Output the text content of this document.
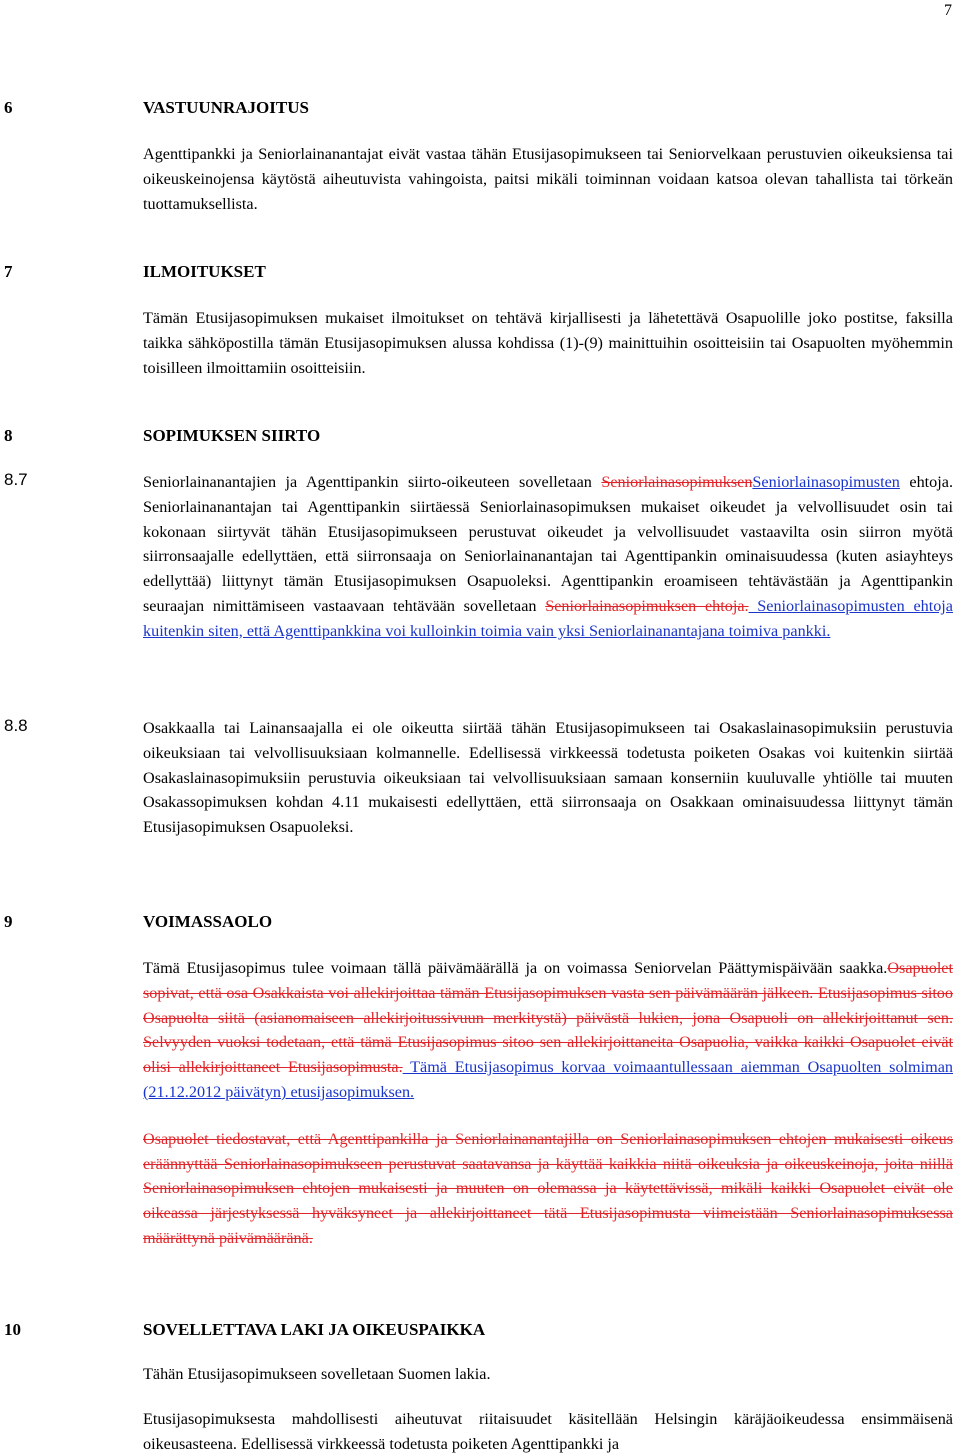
7
6	VASTUUNRAJOITUS

Agenttipankki ja Seniorlainanantajat eivät vastaa tähän Etusijasopimukseen tai Seniorvelkaan perustuvien oikeuksiensa tai oikeuskeinojensa käytöstä aiheutuvista vahingoista, paitsi mikäli toiminnan voidaan katsoa olevan tahallista tai törkeän tuottamuksellista.

7	ILMOITUKSET

Tämän Etusijasopimuksen mukaiset ilmoitukset on tehtävä kirjallisesti ja lähetettävä Osapuolille joko postitse, faksilla taikka sähköpostilla tämän Etusijasopimuksen alussa kohdissa (1)-(9) mainittuihin osoitteisiin tai Osapuolten myöhemmin toisilleen ilmoittamiin osoitteisiin.

8	SOPIMUKSEN SIIRTO
8.7	Seniorlainanantajien ja Agenttipankin siirto-oikeuteen sovelletaan SeniorlainasopimuksenSeniorlainasopimusten ehtoja. Seniorlainanantajan tai Agenttipankin siirtäessä Seniorlainasopimuksen mukaiset oikeudet ja velvollisuudet osin tai kokonaan siirtyvät tähän Etusijasopimukseen perustuvat oikeudet ja velvollisuudet vastaavilta osin siirron myötä siirronsaajalle edellyttäen, että siirronsaaja on Seniorlainanantajan tai Agenttipankin ominaisuudessa (kuten asiayhteys edellyttää) liittynyt tämän Etusijasopimuksen Osapuoleksi. Agenttipankin eroamiseen tehtävästään ja Agenttipankin seuraajan nimittämiseen vastaavaan tehtävään sovelletaan Seniorlainasopimuksen ehtoja. Seniorlainasopimusten ehtoja kuitenkin siten, että Agenttipankkina voi kulloinkin toimia vain yksi Seniorlainanantajana toimiva pankki.

8.8	Osakkaalla tai Lainansaajalla ei ole oikeutta siirtää tähän Etusijasopimukseen tai Osakaslainasopimuksiin perustuvia oikeuksiaan tai velvollisuuksiaan kolmannelle. Edellisessä virkkeessä todetusta poiketen Osakas voi kuitenkin siirtää Osakaslainasopimuksiin perustuvia oikeuksiaan tai velvollisuuksiaan samaan konserniin kuuluvalle yhtiölle tai muuten Osakassopimuksen kohdan 4.11 mukaisesti edellyttäen, että siirronsaaja on Osakkaan ominaisuudessa liittynyt tämän Etusijasopimuksen Osapuoleksi.

9	VOIMASSAOLO

Tämä Etusijasopimus tulee voimaan tällä päivämäärällä ja on voimassa Seniorvelan Päättymispäivään saakka.Osapuolet sopivat, että osa Osakkaista voi allekirjoittaa tämän Etusijasopimuksen vasta sen päivämäärän jälkeen. Etusijasopimus sitoo Osapuolta siitä (asianomaiseen allekirjoitussivuun merkitystä) päivästä lukien, jona Osapuoli on allekirjoittanut sen. Selvyyden vuoksi todetaan, että tämä Etusijasopimus sitoo sen allekirjoittaneita Osapuolia, vaikka kaikki Osapuolet eivät olisi allekirjoittaneet Etusijasopimusta. Tämä Etusijasopimus korvaa voimaantullessaan aiemman Osapuolten solmiman (21.12.2012 päivätyn) etusijasopimuksen.

Osapuolet tiedostavat, että Agenttipankilla ja Seniorlainanantajilla on Seniorlainasopimuksen ehtojen mukaisesti oikeus eräännyttää Seniorlainasopimukseen perustuvat saatavansa ja käyttää kaikkia niitä oikeuksia ja oikeuskeinoja, joita niillä Seniorlainasopimuksen ehtojen mukaisesti ja muuten on olemassa ja käytettävissä, mikäli kaikki Osapuolet eivät ole oikeassa järjestyksessä hyväksyneet ja allekirjoittaneet tätä Etusijasopimusta viimeistään Seniorlainasopimuksessa määrättynä päivämääränä.

10	SOVELLETTAVA LAKI JA OIKEUSPAIKKA

Tähän Etusijasopimukseen sovelletaan Suomen lakia.

Etusijasopimuksesta mahdollisesti aiheutuvat riitaisuudet käsitellään Helsingin käräjäoikeudessa ensimmäisenä oikeusasteena. Edellisessä virkkeessä todetusta poiketen Agenttipankki ja
